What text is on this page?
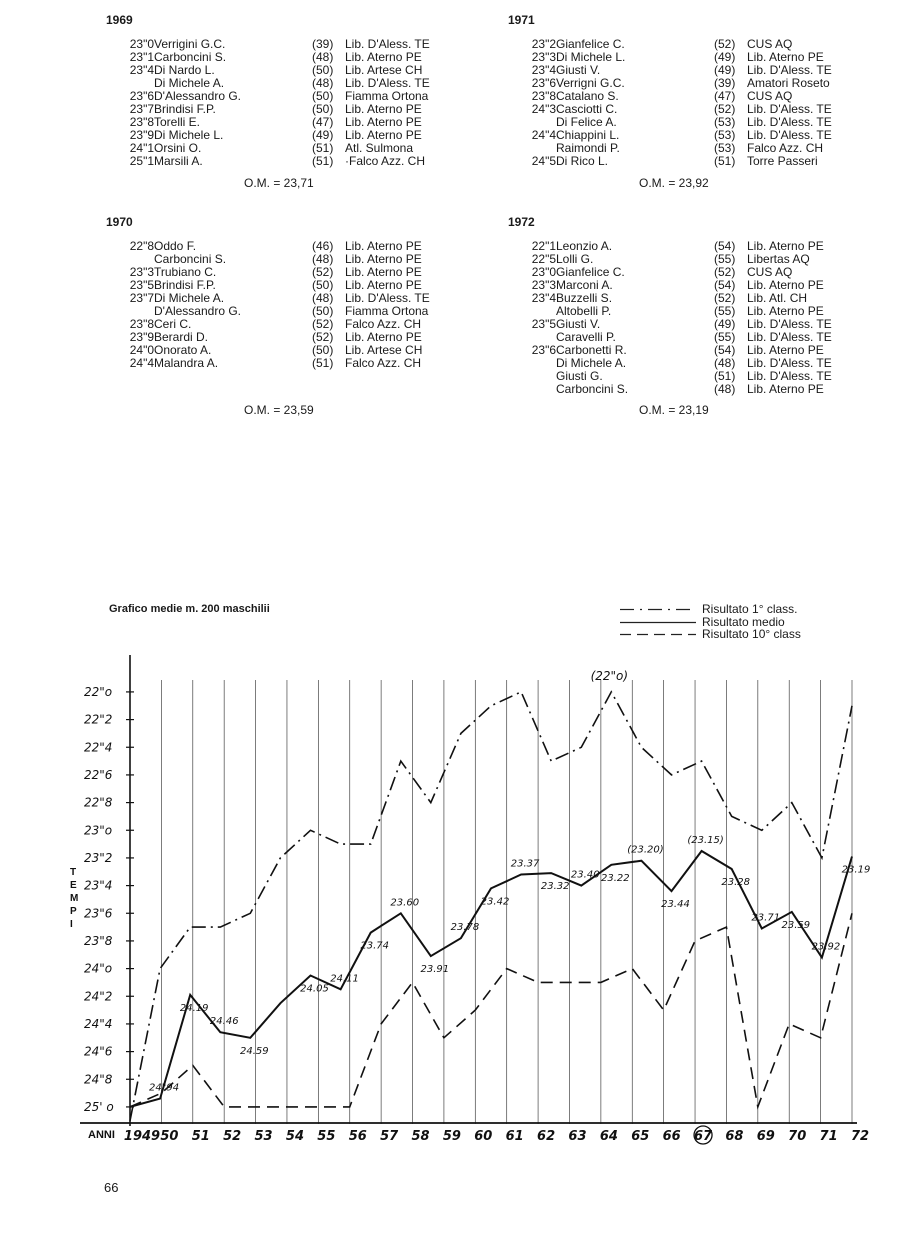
1969
23"0 Verrigini G.C.	(39) Lib. D'Aless. TE
23"1 Carboncini S.	(48) Lib. Aterno PE
23"4 Di Nardo L.	(50) Lib. Artese CH
Di Michele A.	(48) Lib. D'Aless. TE
23"6 D'Alessandro G.	(50) Fiamma Ortona
23"7 Brindisi F.P.	(50) Lib. Aterno PE
23"8 Torelli E.	(47) Lib. Aterno PE
23"9 Di Michele L.	(49) Lib. Aterno PE
24"1 Orsini O.	(51) Atl. Sulmona
25"1 Marsili A.	(51) ·Falco Azz. CH
O.M. = 23,71
1971
23"2 Gianfelice C.	(52) CUS AQ
23"3 Di Michele L.	(49) Lib. Aterno PE
23"4 Giusti V.	(49) Lib. D'Aless. TE
23"6 Verrigni G.C.	(39) Amatori Roseto
23"8 Catalano S.	(47) CUS AQ
24"3 Casciotti C.	(52) Lib. D'Aless. TE
Di Felice A.	(53) Lib. D'Aless. TE
24"4 Chiappini L.	(53) Lib. D'Aless. TE
Raimondi P.	(53) Falco Azz. CH
24"5 Di Rico L.	(51) Torre Passeri
O.M. = 23,92
1970
22"8 Oddo F.	(46) Lib. Aterno PE
Carboncini S.	(48) Lib. Aterno PE
23"3 Trubiano C.	(52) Lib. Aterno PE
23"5 Brindisi F.P.	(50) Lib. Aterno PE
23"7 Di Michele A.	(48) Lib. D'Aless. TE
D'Alessandro G.	(50) Fiamma Ortona
23"8 Ceri C.	(52) Falco Azz. CH
23"9 Berardi D.	(52) Lib. Aterno PE
24"0 Onorato A.	(50) Lib. Artese CH
24"4 Malandra A.	(51) Falco Azz. CH
O.M. = 23,59
1972
22"1 Leonzio A.	(54) Lib. Aterno PE
22"5 Lolli G.	(55) Libertas AQ
23"0 Gianfelice C.	(52) CUS AQ
23"3 Marconi A.	(54) Lib. Aterno PE
23"4 Buzzelli S.	(52) Lib. Atl. CH
Altobelli P.	(55) Lib. Aterno PE
23"5 Giusti V.	(49) Lib. D'Aless. TE
Caravelli P.	(55) Lib. D'Aless. TE
23"6 Carbonetti R.	(54) Lib. Aterno PE
Di Michele A.	(48) Lib. D'Aless. TE
Giusti G.	(51) Lib. D'Aless. TE
Carboncini S.	(48) Lib. Aterno PE
O.M. = 23,19
Grafico medie m. 200 maschilii	Risultato 1° class.
Risultato medio
Risultato 10° class
22"o
22"2
22"4
22"6
22"8
23"o
23"2
23"4
23"6
23"8
24"o
24"2
24"4
24"6
24"8
25' o
T
E
M
P
I
ANNI 1949 50 51 52 53 54 55 56 57 58 59 60 61 62 63 64 65 66 67 68 69 70 71 72
24"94
24.19
24.46
24.59
24.05
24.11
23.74
23.60
23.91
23.78
23.42
23.37
23.32
23.40 23.22
(23.20)
23.44
(23.15)
23.28
23.71
23.59
23.92
23.19
(22"o)
66
